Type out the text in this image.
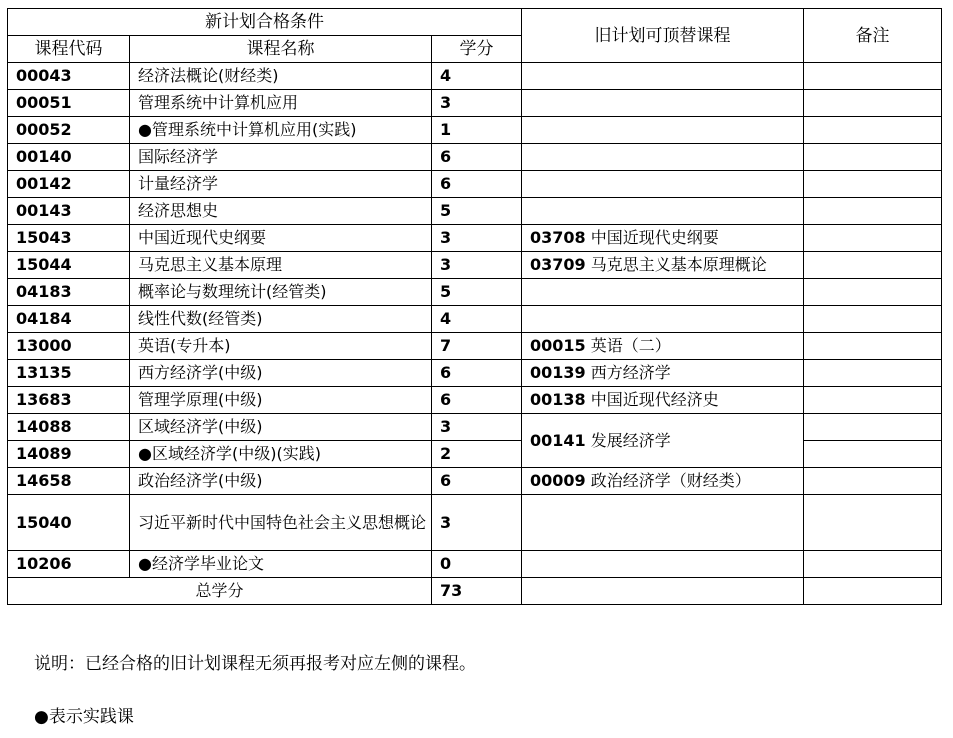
新计划合格条件			旧计划可顶替课程	备注
课程代码	课程名称	学分		
00043	经济法概论(财经类)	4		
00051	管理系统中计算机应用	3		
00052	●管理系统中计算机应用(实践)	1		
00140	国际经济学	6		
00142	计量经济学	6		
00143	经济思想史	5		
15043	中国近现代史纲要	3	03708 中国近现代史纲要	
15044	马克思主义基本原理	3	03709 马克思主义基本原理概论	
04183	概率论与数理统计(经管类)	5		
04184	线性代数(经管类)	4		
13000	英语(专升本)	7	00015 英语（二）	
13135	西方经济学(中级)	6	00139 西方经济学	
13683	管理学原理(中级)	6	00138 中国近现代经济史	
14088	区域经济学(中级)	3	00141 发展经济学	
14089	●区域经济学(中级)(实践)	2		
14658	政治经济学(中级)	6	00009 政治经济学（财经类）	
15040	习近平新时代中国特色社会主义思想概论	3		
10206	●经济学毕业论文	0		
总学分		73		
说明：已经合格的旧计划课程无须再报考对应左侧的课程。
●表示实践课
